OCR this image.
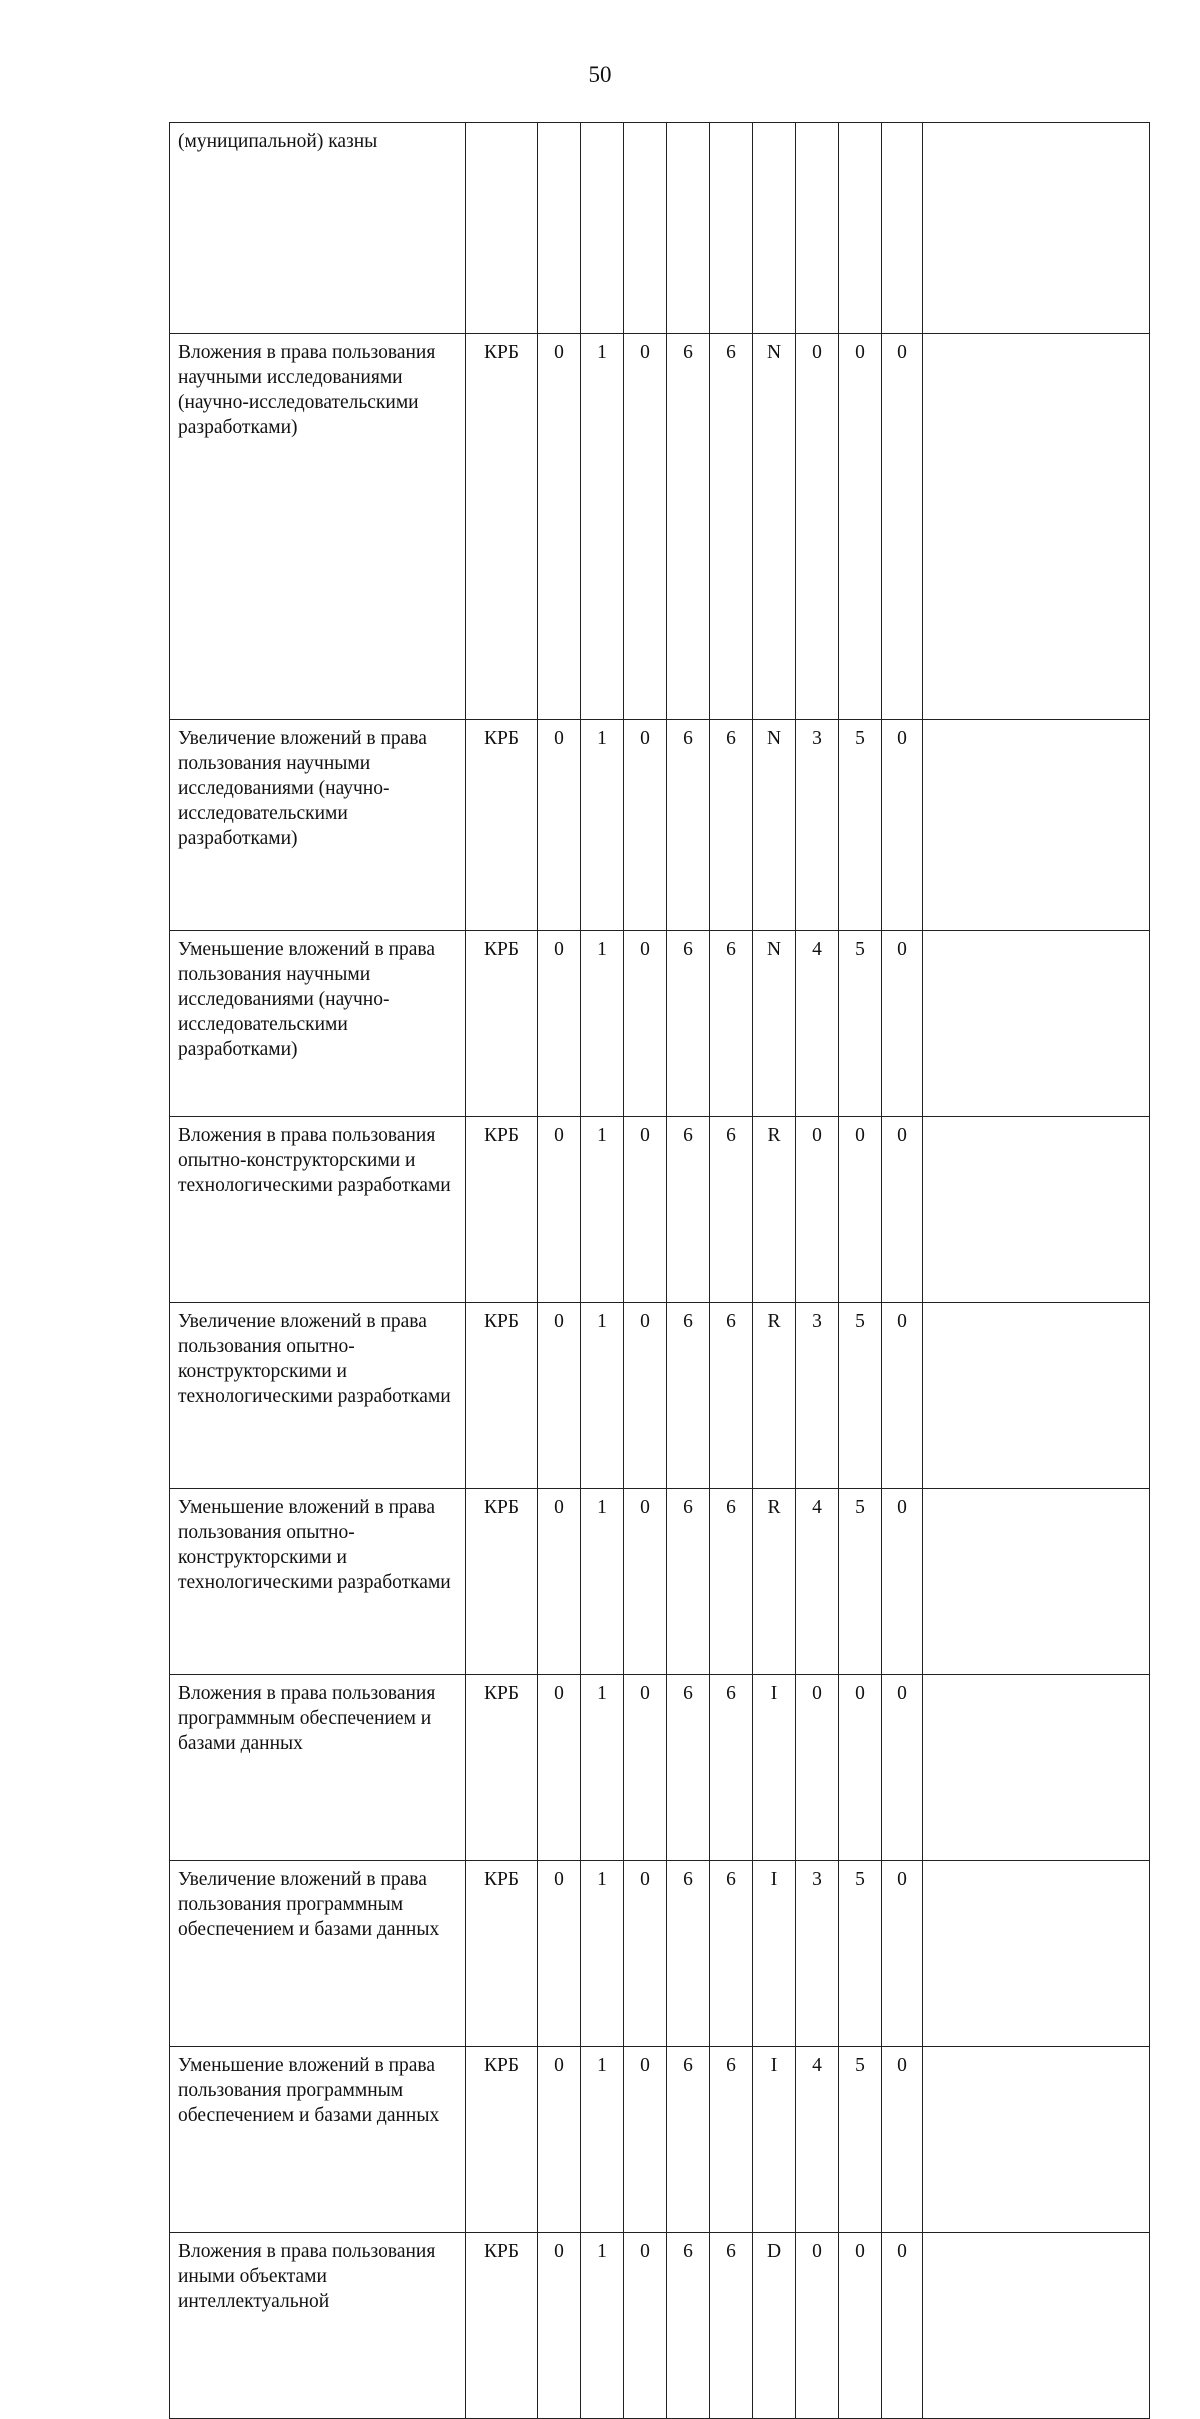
50
(муниципальной) казны												
Вложения в права пользования научными исследованиями (научно-исследовательскими разработками)	КРБ	0	1	0	6	6	N	0	0	0		
Увеличение вложений в права пользования научными исследованиями (научно-исследовательскими разработками)	КРБ	0	1	0	6	6	N	3	5	0		
Уменьшение вложений в права пользования научными исследованиями (научно-исследовательскими разработками)	КРБ	0	1	0	6	6	N	4	5	0		
Вложения в права пользования опытно-конструкторскими и технологическими разработками	КРБ	0	1	0	6	6	R	0	0	0		
Увеличение вложений в права пользования опытно-конструкторскими и технологическими разработками	КРБ	0	1	0	6	6	R	3	5	0		
Уменьшение вложений в права пользования опытно-конструкторскими и технологическими разработками	КРБ	0	1	0	6	6	R	4	5	0		
Вложения в права пользования программным обеспечением и базами данных	КРБ	0	1	0	6	6	I	0	0	0		
Увеличение вложений в права пользования программным обеспечением и базами данных	КРБ	0	1	0	6	6	I	3	5	0		
Уменьшение вложений в права пользования программным обеспечением и базами данных	КРБ	0	1	0	6	6	I	4	5	0		
Вложения в права пользования иными объектами интеллектуальной	КРБ	0	1	0	6	6	D	0	0	0		
